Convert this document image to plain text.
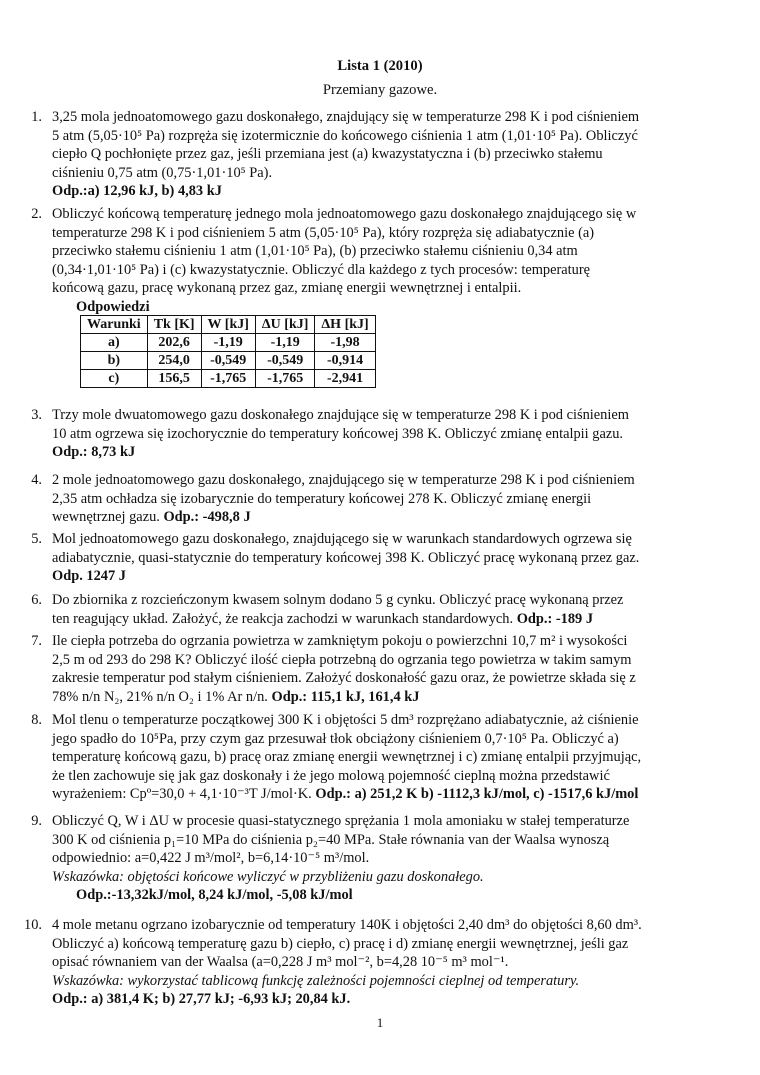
Lista 1 (2010)
Przemiany gazowe.
1. 3,25 mola jednoatomowego gazu doskonałego, znajdujący się w temperaturze 298 K i pod ciśnieniem
5 atm (5,05·10⁵ Pa) rozpręża się izotermicznie do końcowego ciśnienia 1 atm (1,01·10⁵ Pa). Obliczyć
ciepło Q pochłonięte przez gaz, jeśli przemiana jest (a) kwazystatyczna i (b) przeciwko stałemu
ciśnieniu 0,75 atm (0,75·1,01·10⁵ Pa).
Odp.:a) 12,96 kJ, b) 4,83 kJ
2. Obliczyć końcową temperaturę jednego mola jednoatomowego gazu doskonałego znajdującego się w
temperaturze 298 K i pod ciśnieniem 5 atm (5,05·10⁵ Pa), który rozpręża się adiabatycznie (a)
przeciwko stałemu ciśnieniu 1 atm (1,01·10⁵ Pa), (b) przeciwko stałemu ciśnieniu 0,34 atm
(0,34·1,01·10⁵ Pa) i (c) kwazystatycznie. Obliczyć dla każdego z tych procesów: temperaturę
końcową gazu, pracę wykonaną przez gaz, zmianę energii wewnętrznej i entalpii.
Odpowiedzi
Warunki	Tk [K]	W [kJ]	ΔU [kJ]	ΔH [kJ]
a)	202,6	-1,19	-1,19	-1,98
b)	254,0	-0,549	-0,549	-0,914
c)	156,5	-1,765	-1,765	-2,941
3. Trzy mole dwuatomowego gazu doskonałego znajdujące się w temperaturze 298 K i pod ciśnieniem
10 atm ogrzewa się izochorycznie do temperatury końcowej 398 K. Obliczyć zmianę entalpii gazu.
Odp.: 8,73 kJ
4. 2 mole jednoatomowego gazu doskonałego, znajdującego się w temperaturze 298 K i pod ciśnieniem
2,35 atm ochładza się izobarycznie do temperatury końcowej 278 K. Obliczyć zmianę energii
wewnętrznej gazu. Odp.: -498,8 J
5. Mol jednoatomowego gazu doskonałego, znajdującego się w warunkach standardowych ogrzewa się
adiabatycznie, quasi-statycznie do temperatury końcowej 398 K. Obliczyć pracę wykonaną przez gaz.
Odp. 1247 J
6. Do zbiornika z rozcieńczonym kwasem solnym dodano 5 g cynku. Obliczyć pracę wykonaną przez
ten reagujący układ. Założyć, że reakcja zachodzi w warunkach standardowych. Odp.: -189 J
7. Ile ciepła potrzeba do ogrzania powietrza w zamkniętym pokoju o powierzchni 10,7 m² i wysokości
2,5 m od 293 do 298 K? Obliczyć ilość ciepła potrzebną do ogrzania tego powietrza w takim samym
zakresie temperatur pod stałym ciśnieniem. Założyć doskonałość gazu oraz, że powietrze składa się z
78% n/n N₂, 21% n/n O₂ i 1% Ar n/n. Odp.: 115,1 kJ, 161,4 kJ
8. Mol tlenu o temperaturze początkowej 300 K i objętości 5 dm³ rozprężano adiabatycznie, aż ciśnienie
jego spadło do 10⁵Pa, przy czym gaz przesuwał tłok obciążony ciśnieniem 0,7·10⁵ Pa. Obliczyć a)
temperaturę końcową gazu, b) pracę oraz zmianę energii wewnętrznej i c) zmianę entalpii przyjmując,
że tlen zachowuje się jak gaz doskonały i że jego molową pojemność cieplną można przedstawić
wyrażeniem: Cpº=30,0 + 4,1·10⁻³T J/mol·K. Odp.: a) 251,2 K b) -1112,3 kJ/mol, c) -1517,6 kJ/mol
9. Obliczyć Q, W i ΔU w procesie quasi-statycznego sprężania 1 mola amoniaku w stałej temperaturze
300 K od ciśnienia p₁=10 MPa do ciśnienia p₂=40 MPa. Stałe równania van der Waalsa wynoszą
odpowiednio: a=0,422 J m³/mol², b=6,14·10⁻⁵ m³/mol.
Wskazówka: objętości końcowe wyliczyć w przybliżeniu gazu doskonałego.
Odp.:-13,32kJ/mol, 8,24 kJ/mol, -5,08 kJ/mol
10. 4 mole metanu ogrzano izobarycznie od temperatury 140K i objętości 2,40 dm³ do objętości 8,60 dm³.
Obliczyć a) końcową temperaturę gazu b) ciepło, c) pracę i d) zmianę energii wewnętrznej, jeśli gaz
opisać równaniem van der Waalsa (a=0,228 J m³ mol⁻², b=4,28 10⁻⁵ m³ mol⁻¹.
Wskazówka: wykorzystać tablicową funkcję zależności pojemności cieplnej od temperatury.
Odp.: a) 381,4 K; b) 27,77 kJ; -6,93 kJ; 20,84 kJ.
1
